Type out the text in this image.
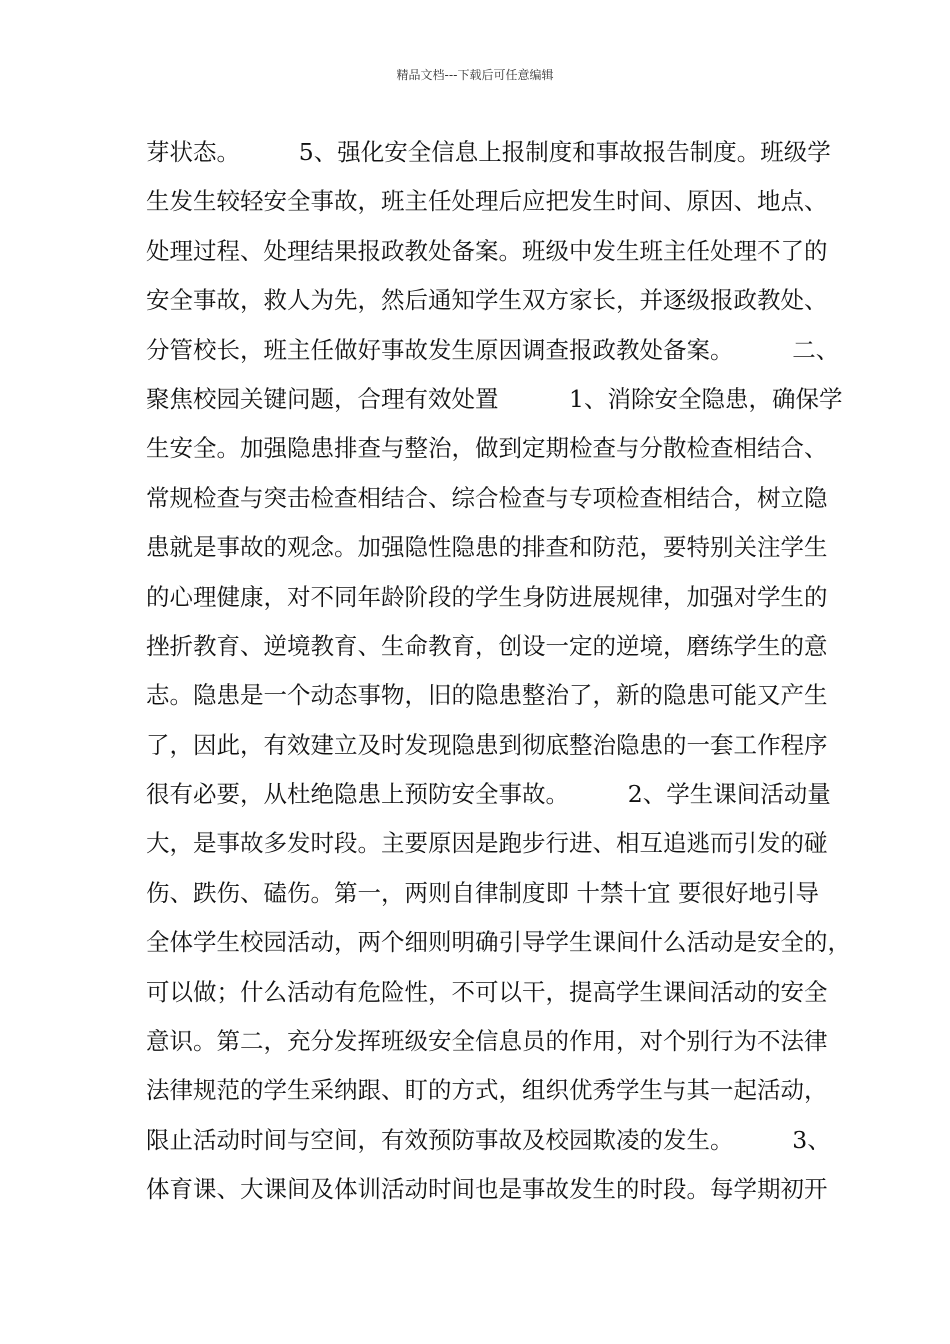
精品文档---下载后可任意编辑
芽状态。　　　5、强化安全信息上报制度和事故报告制度。班级学
生发生较轻安全事故，班主任处理后应把发生时间、原因、地点、
处理过程、处理结果报政教处备案。班级中发生班主任处理不了的
安全事故，救人为先，然后通知学生双方家长，并逐级报政教处、
分管校长，班主任做好事故发生原因调查报政教处备案。　　　二、
聚焦校园关键问题，合理有效处置　　　1、消除安全隐患，确保学
生安全。加强隐患排查与整治，做到定期检查与分散检查相结合、
常规检查与突击检查相结合、综合检查与专项检查相结合，树立隐
患就是事故的观念。加强隐性隐患的排查和防范，要特别关注学生
的心理健康，对不同年龄阶段的学生身防进展规律，加强对学生的
挫折教育、逆境教育、生命教育，创设一定的逆境，磨练学生的意
志。隐患是一个动态事物，旧的隐患整治了，新的隐患可能又产生
了，因此，有效建立及时发现隐患到彻底整治隐患的一套工作程序
很有必要，从杜绝隐患上预防安全事故。　　　2、学生课间活动量
大，是事故多发时段。主要原因是跑步行进、相互追逃而引发的碰
伤、跌伤、磕伤。第一，两则自律制度即 十禁十宜 要很好地引导
全体学生校园活动，两个细则明确引导学生课间什么活动是安全的，
可以做；什么活动有危险性，不可以干，提高学生课间活动的安全
意识。第二，充分发挥班级安全信息员的作用，对个别行为不法律
法律规范的学生采纳跟、盯的方式，组织优秀学生与其一起活动，
限止活动时间与空间，有效预防事故及校园欺凌的发生。　　　3、
体育课、大课间及体训活动时间也是事故发生的时段。每学期初开
